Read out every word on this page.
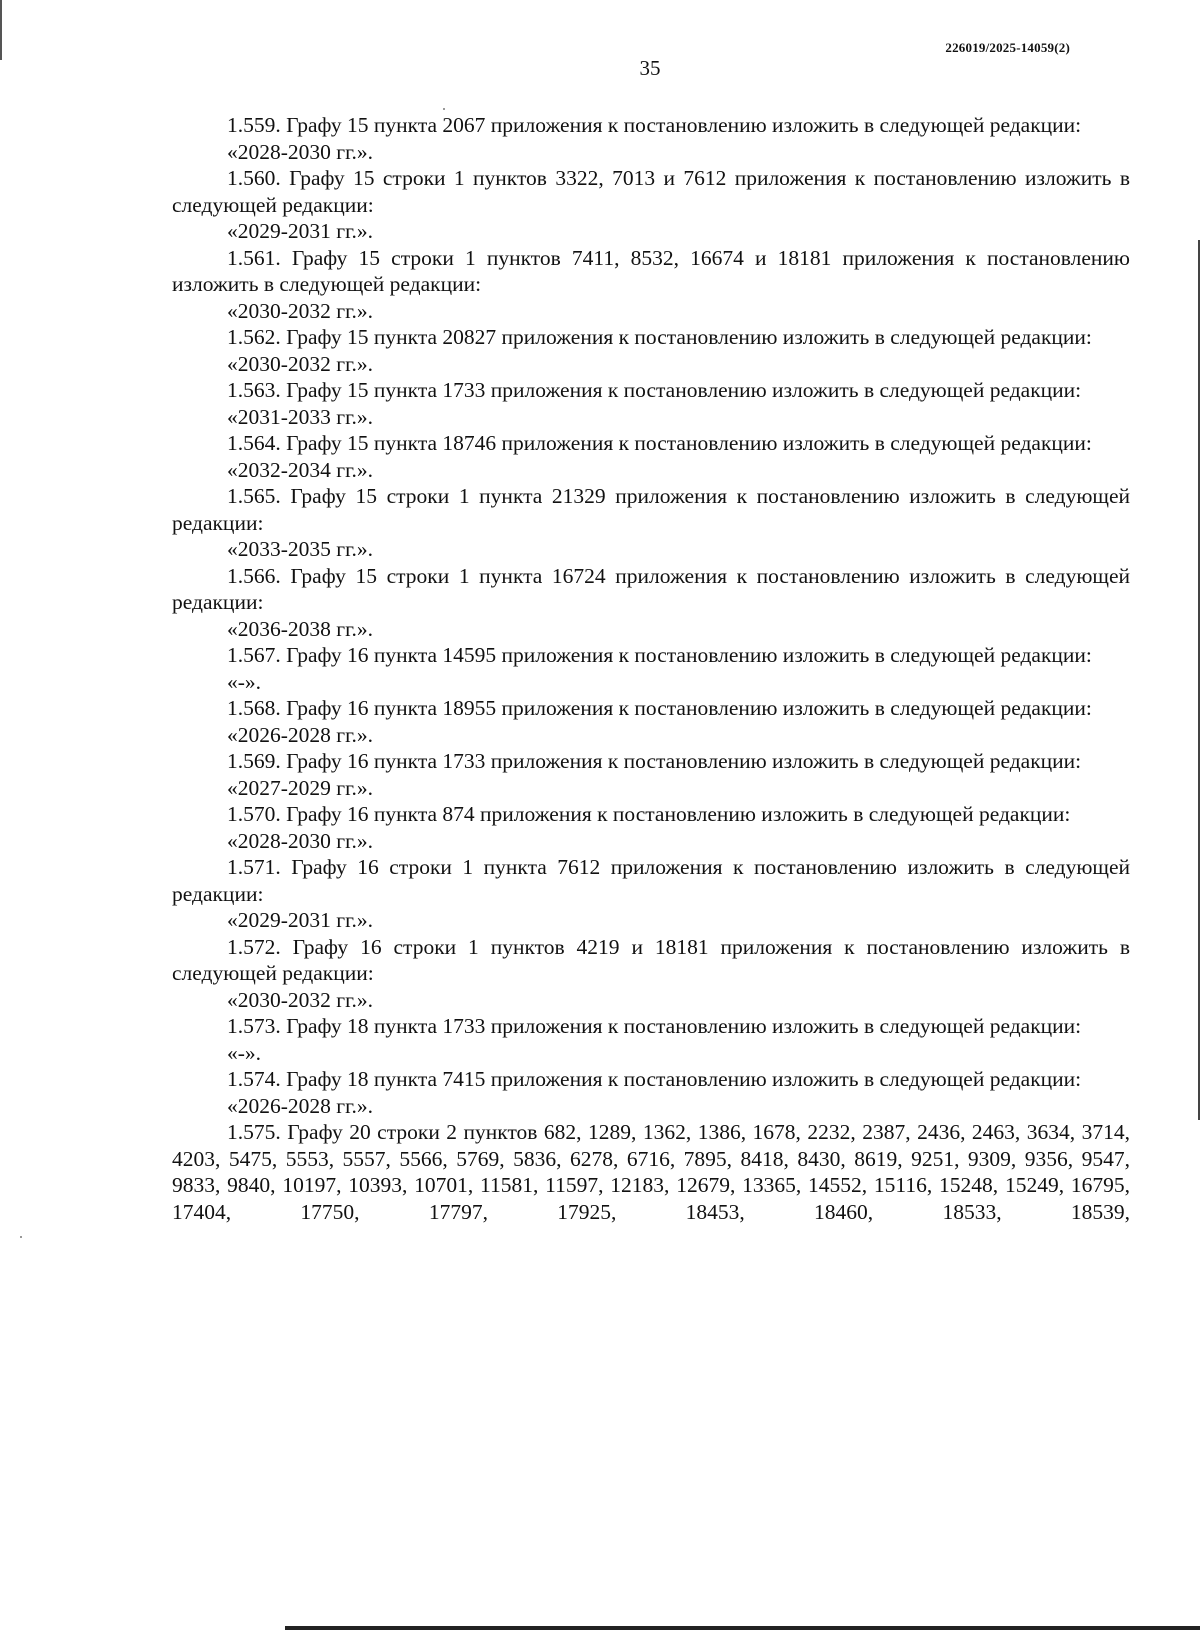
226019/2025-14059(2)
35
1.559. Графу 15 пункта 2067 приложения к постановлению изложить в следующей редакции:
«2028-2030 гг.».
1.560. Графу 15 строки 1 пунктов 3322, 7013 и 7612 приложения к постановлению изложить в следующей редакции:
«2029-2031 гг.».
1.561. Графу 15 строки 1 пунктов 7411, 8532, 16674 и 18181 приложения к постановлению изложить в следующей редакции:
«2030-2032 гг.».
1.562. Графу 15 пункта 20827 приложения к постановлению изложить в следующей редакции:
«2030-2032 гг.».
1.563. Графу 15 пункта 1733 приложения к постановлению изложить в следующей редакции:
«2031-2033 гг.».
1.564. Графу 15 пункта 18746 приложения к постановлению изложить в следующей редакции:
«2032-2034 гг.».
1.565. Графу 15 строки 1 пункта 21329 приложения к постановлению изложить в следующей редакции:
«2033-2035 гг.».
1.566. Графу 15 строки 1 пункта 16724 приложения к постановлению изложить в следующей редакции:
«2036-2038 гг.».
1.567. Графу 16 пункта 14595 приложения к постановлению изложить в следующей редакции:
«-».
1.568. Графу 16 пункта 18955 приложения к постановлению изложить в следующей редакции:
«2026-2028 гг.».
1.569. Графу 16 пункта 1733 приложения к постановлению изложить в следующей редакции:
«2027-2029 гг.».
1.570. Графу 16 пункта 874 приложения к постановлению изложить в следующей редакции:
«2028-2030 гг.».
1.571. Графу 16 строки 1 пункта 7612 приложения к постановлению изложить в следующей редакции:
«2029-2031 гг.».
1.572. Графу 16 строки 1 пунктов 4219 и 18181 приложения к постановлению изложить в следующей редакции:
«2030-2032 гг.».
1.573. Графу 18 пункта 1733 приложения к постановлению изложить в следующей редакции:
«-».
1.574. Графу 18 пункта 7415 приложения к постановлению изложить в следующей редакции:
«2026-2028 гг.».
1.575. Графу 20 строки 2 пунктов 682, 1289, 1362, 1386, 1678, 2232, 2387, 2436, 2463, 3634, 3714, 4203, 5475, 5553, 5557, 5566, 5769, 5836, 6278, 6716, 7895, 8418, 8430, 8619, 9251, 9309, 9356, 9547, 9833, 9840, 10197, 10393, 10701, 11581, 11597, 12183, 12679, 13365, 14552, 15116, 15248, 15249, 16795, 17404, 17750, 17797, 17925, 18453, 18460, 18533, 18539,
